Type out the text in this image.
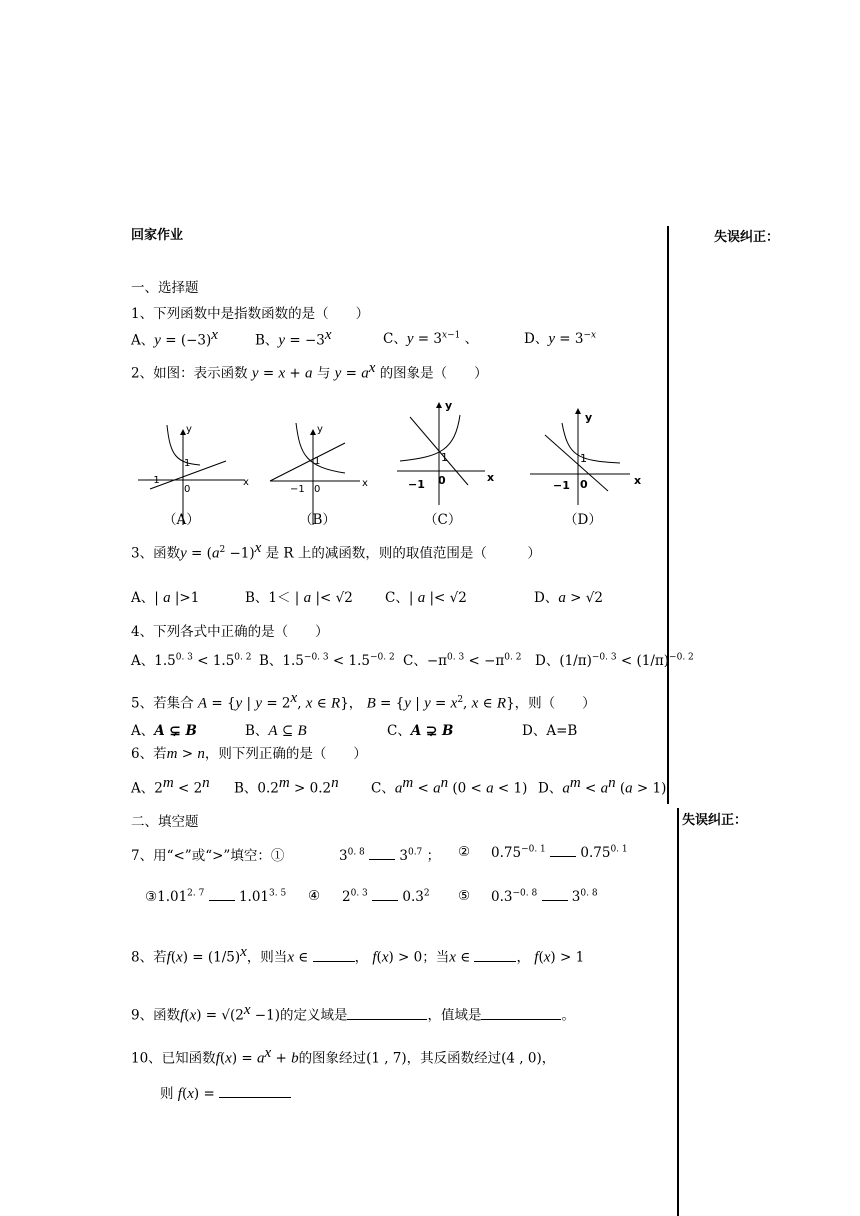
回家作业	失误纠正：
失误纠正：
一、选择题
1、下列函数中是指数函数的是（　　）
A、$y = (-3)^x$	B、$y = -3^x$	C、$y = 3^{x-1}$ 、	D、$y = 3^{-x}$
2、如图：表示函数 y = x + a 与 $y = a^x$ 的图象是（　　）
y
1
0
−1	x
y
1
0
−1
x
y
1
0
−1
x
y
1
0
−1	x
（A）	（B）	（C）	（D）
3、函数$y = (a^2 -1)^x$ 是 R 上的减函数，则的取值范围是（　　　）
A、| a |>1	B、1＜ | a |< √2 C、| a |< √2	D、a > √2
4、下列各式中正确的是（　　）
A、$1.5^{0. 3} < 1.5^{0. 2}$ B、$1.5^{-0. 3} < 1.5^{-0. 2}$ C、$-\pi^{0. 3} < -\pi^{0. 2}$ D、$(1/\pi)^{-0. 3} < (1/\pi)^{-0. 2}$
5、若集合 A = {y | $y = 2^x$, x ∈ R}， B = {y | $y = x^2$, x ∈ R}，则（　　）
A、A ⊊ B	B、A ⊆ B	C、A ⊋ B	D、A=B
6、若m > n，则下列正确的是（　　）
A、$2^m < 2^n$ B、$0.2^m > 0.2^n$ C、$a^m < a^n$ (0 < a < 1) D、$a^m < a^n$ (a > 1)
二、填空题
7、用“<”或“>”填空：①	$3^{0. 8}$  $3^{0.7}$ ； ② $0.75^{-0. 1}$  $0.75^{0. 1}$
$③1.01^{2. 7}$  $1.01^{3. 5}$ ④ $2^{0. 3}$  $0.3^2$ ⑤ $0.3^{-0. 8}$  $3^{0. 8}$
8、若$f(x) = (1/5)^x$，则当x ∈	， f(x) > 0；当x ∈	， f(x) > 1
9、函数$f(x) = √(2^x -1)$的定义域是	，值域是	。
10、已知函数$f(x) = a^x + b$的图象经过(1 , 7)，其反函数经过(4 , 0)，
则 f(x) =
